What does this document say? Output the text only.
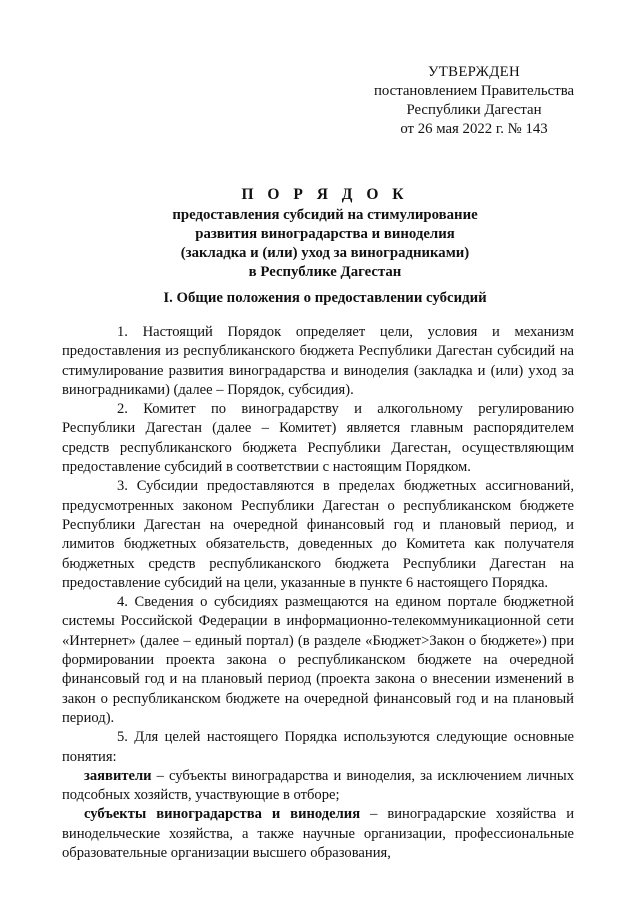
УТВЕРЖДЕН
постановлением Правительства
Республики Дагестан
от 26 мая 2022 г. № 143
П О Р Я Д О К
предоставления субсидий на стимулирование
развития виноградарства и виноделия
(закладка и (или) уход за виноградниками)
в Республике Дагестан
I. Общие положения о предоставлении субсидий

1. Настоящий Порядок определяет цели, условия и механизм предоставления из республиканского бюджета Республики Дагестан субсидий на стимулирование развития виноградарства и виноделия (закладка и (или) уход за виноградниками) (далее – Порядок, субсидия).

2. Комитет по виноградарству и алкогольному регулированию Республики Дагестан (далее – Комитет) является главным распорядителем средств республиканского бюджета Республики Дагестан, осуществляющим предоставление субсидий в соответствии с настоящим Порядком.

3. Субсидии предоставляются в пределах бюджетных ассигнований, предусмотренных законом Республики Дагестан о республиканском бюджете Республики Дагестан на очередной финансовый год и плановый период, и лимитов бюджетных обязательств, доведенных до Комитета как получателя бюджетных средств республиканского бюджета Республики Дагестан на предоставление субсидий на цели, указанные в пункте 6 настоящего Порядка.

4. Сведения о субсидиях размещаются на едином портале бюджетной системы Российской Федерации в информационно-телекоммуникационной сети «Интернет» (далее – единый портал) (в разделе «Бюджет>Закон о бюджете») при формировании проекта закона о республиканском бюджете на очередной финансовый год и на плановый период (проекта закона о внесении изменений в закон о республиканском бюджете на очередной финансовый год и на плановый период).

5. Для целей настоящего Порядка используются следующие основные понятия:

заявители – субъекты виноградарства и виноделия, за исключением личных подсобных хозяйств, участвующие в отборе;

субъекты виноградарства и виноделия – виноградарские хозяйства и винодельческие хозяйства, а также научные организации, профессиональные образовательные организации высшего образования,
